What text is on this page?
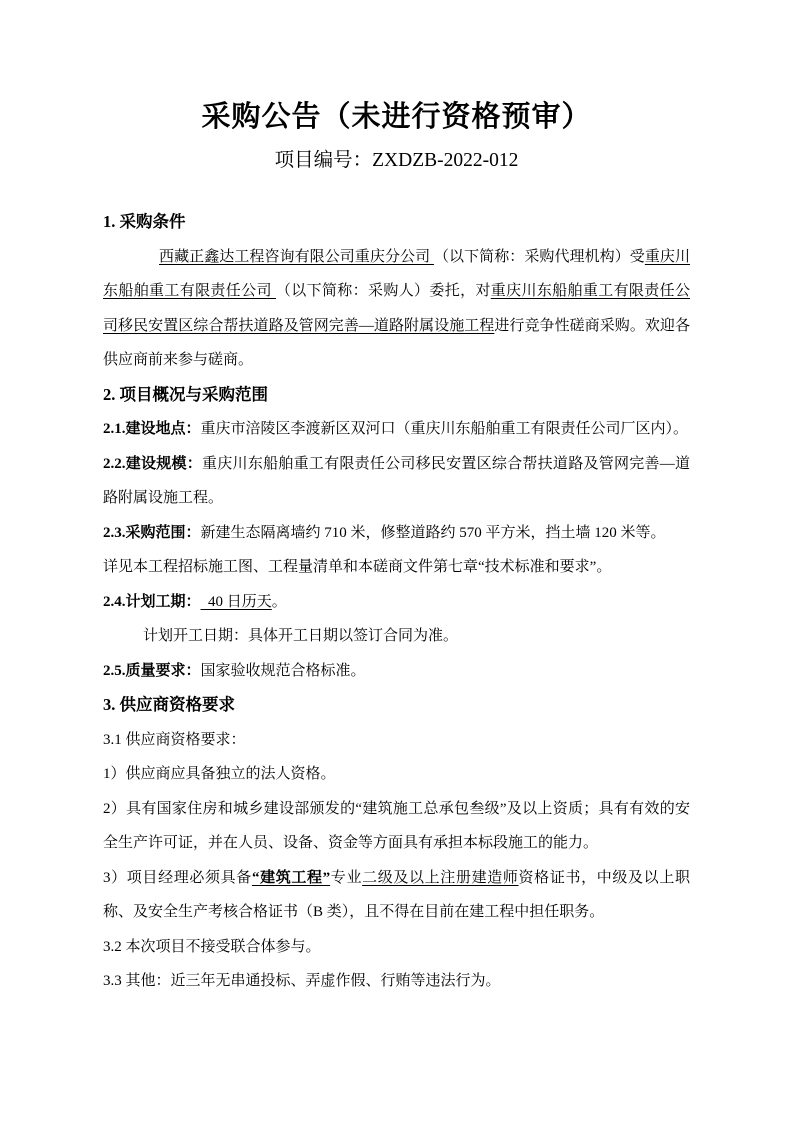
采购公告（未进行资格预审）
项目编号：ZXDZB-2022-012
1. 采购条件

西藏正鑫达工程咨询有限公司重庆分公司 （以下简称：采购代理机构）受重庆川东船舶重工有限责任公司 （以下简称：采购人）委托，对重庆川东船舶重工有限责任公司移民安置区综合帮扶道路及管网完善—道路附属设施工程进行竞争性磋商采购。欢迎各供应商前来参与磋商。

2. 项目概况与采购范围

2.1.建设地点：重庆市涪陵区李渡新区双河口（重庆川东船舶重工有限责任公司厂区内）。

2.2.建设规模：重庆川东船舶重工有限责任公司移民安置区综合帮扶道路及管网完善—道路附属设施工程。

2.3.采购范围：新建生态隔离墙约 710 米，修整道路约 570 平方米，挡土墙 120 米等。

详见本工程招标施工图、工程量清单和本磋商文件第七章“技术标准和要求”。

2.4.计划工期：  40 日历天。

计划开工日期：具体开工日期以签订合同为准。

2.5.质量要求：国家验收规范合格标准。

3. 供应商资格要求

3.1 供应商资格要求：

1）供应商应具备独立的法人资格。

2）具有国家住房和城乡建设部颁发的“建筑施工总承包叁级”及以上资质；具有有效的安全生产许可证，并在人员、设备、资金等方面具有承担本标段施工的能力。

3）项目经理必须具备“建筑工程”专业二级及以上注册建造师资格证书，中级及以上职称、及安全生产考核合格证书（B 类），且不得在目前在建工程中担任职务。

3.2 本次项目不接受联合体参与。

3.3 其他：近三年无串通投标、弄虚作假、行贿等违法行为。
